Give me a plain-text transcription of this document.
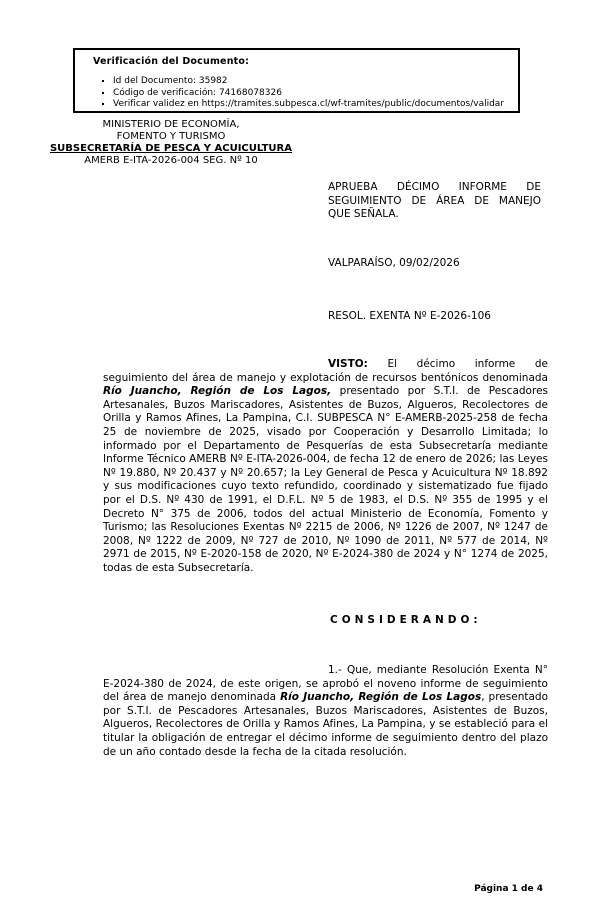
Verificación del Documento:
▪ Id del Documento: 35982
▪ Código de verificación: 74168078326
▪ Verificar validez en https://tramites.subpesca.cl/wf-tramites/public/documentos/validar
MINISTERIO DE ECONOMÍA,
FOMENTO Y TURISMO
SUBSECRETARÍA DE PESCA Y ACUICULTURA
AMERB E-ITA-2026-004 SEG. Nº 10
APRUEBA DÉCIMO INFORME DE
SEGUIMIENTO DE ÁREA DE MANEJO
QUE SEÑALA.
VALPARAÍSO, 09/02/2026
RESOL. EXENTA Nº E-2026-106

VISTO: El décimo informe de seguimiento del área de manejo y explotación de recursos bentónicos denominada Río Juancho, Región de Los Lagos, presentado por S.T.I. de Pescadores Artesanales, Buzos Mariscadores, Asistentes de Buzos, Algueros, Recolectores de Orilla y Ramos Afines, La Pampina, C.I. SUBPESCA N° E-AMERB-2025-258 de fecha 25 de noviembre de 2025, visado por Cooperación y Desarrollo Limitada; lo informado por el Departamento de Pesquerías de esta Subsecretaría mediante Informe Técnico AMERB Nº E-ITA-2026-004, de fecha 12 de enero de 2026; las Leyes Nº 19.880, Nº 20.437 y Nº 20.657; la Ley General de Pesca y Acuicultura Nº 18.892 y sus modificaciones cuyo texto refundido, coordinado y sistematizado fue fijado por el D.S. Nº 430 de 1991, el D.F.L. Nº 5 de 1983, el D.S. Nº 355 de 1995 y el Decreto N° 375 de 2006, todos del actual Ministerio de Economía, Fomento y Turismo; las Resoluciones Exentas Nº 2215 de 2006, Nº 1226 de 2007, Nº 1247 de 2008, Nº 1222 de 2009, Nº 727 de 2010, Nº 1090 de 2011, Nº 577 de 2014, Nº 2971 de 2015, Nº E-2020-158 de 2020, Nº E-2024-380 de 2024 y N° 1274 de 2025, todas de esta Subsecretaría.

CONSIDERANDO:

1.- Que, mediante Resolución Exenta N° E-2024-380 de 2024, de este origen, se aprobó el noveno informe de seguimiento del área de manejo denominada Río Juancho, Región de Los Lagos, presentado por S.T.I. de Pescadores Artesanales, Buzos Mariscadores, Asistentes de Buzos, Algueros, Recolectores de Orilla y Ramos Afines, La Pampina, y se estableció para el titular la obligación de entregar el décimo informe de seguimiento dentro del plazo de un año contado desde la fecha de la citada resolución.

Página 1 de 4
